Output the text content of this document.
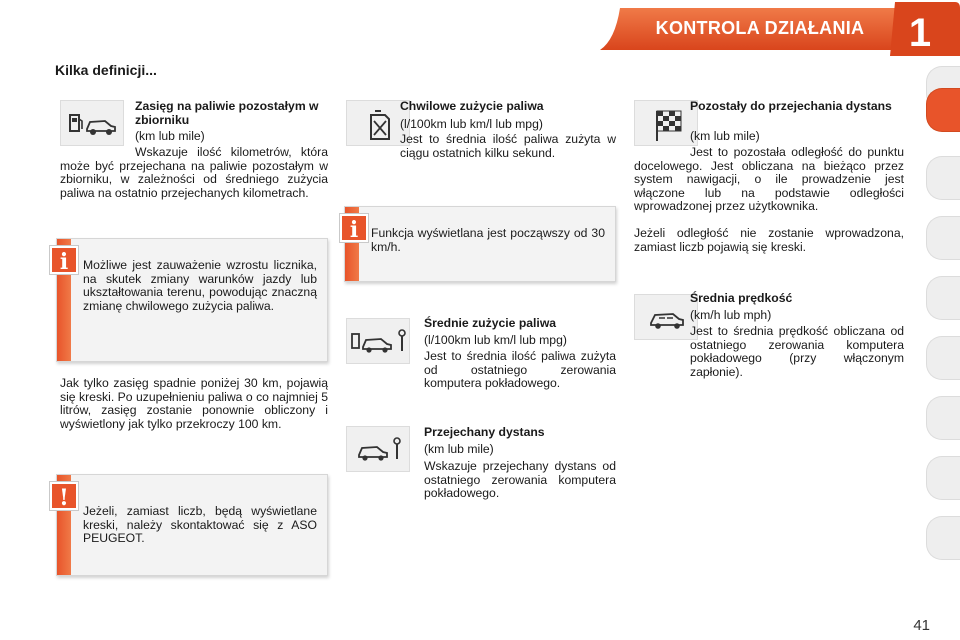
KONTROLA DZIAŁANIA	1
Kilka definicji...
Zasięg na paliwie pozostałym w zbiorniku
(km lub mile)
Wskazuje ilość kilometrów, która może być przejechana na paliwie pozostałym w zbiorniku, w zależności od średniego zużycia paliwa na ostatnio przejechanych kilometrach.
Możliwe jest zauważenie wzrostu licznika, na skutek zmiany warunków jazdy lub ukształtowania terenu, powodując znaczną zmianę chwilowego zużycia paliwa.
i
Jak tylko zasięg spadnie poniżej 30 km, pojawią się kreski. Po uzupełnieniu paliwa o co najmniej 5 litrów, zasięg zostanie ponownie obliczony i wyświetlony jak tylko przekroczy 100 km.
Jeżeli, zamiast liczb, będą wyświetlane kreski, należy skontaktować się z ASO PEUGEOT.
!
Chwilowe zużycie paliwa
(l/100km lub km/l lub mpg)
Jest to średnia ilość paliwa zużyta w ciągu ostatnich kilku sekund.
Funkcja wyświetlana jest począwszy od 30 km/h.
i
Średnie zużycie paliwa
(l/100km lub km/l lub mpg)
Jest to średnia ilość paliwa zużyta od ostatniego zerowania komputera pokładowego.
Przejechany dystans
(km lub mile)
Wskazuje przejechany dystans od ostatniego zerowania komputera pokładowego.
Pozostały do przejechania dystans
(km lub mile)
Jest to pozostała odległość do punktu docelowego. Jest obliczana na bieżąco przez system nawigacji, o ile prowadzenie jest włączone lub na podstawie odległości wprowadzonej przez użytkownika.
Jeżeli odległość nie zostanie wprowadzona, zamiast liczb pojawią się kreski.
Średnia prędkość
(km/h lub mph)
Jest to średnia prędkość obliczana od ostatniego zerowania komputera pokładowego (przy włączonym zapłonie).
41
